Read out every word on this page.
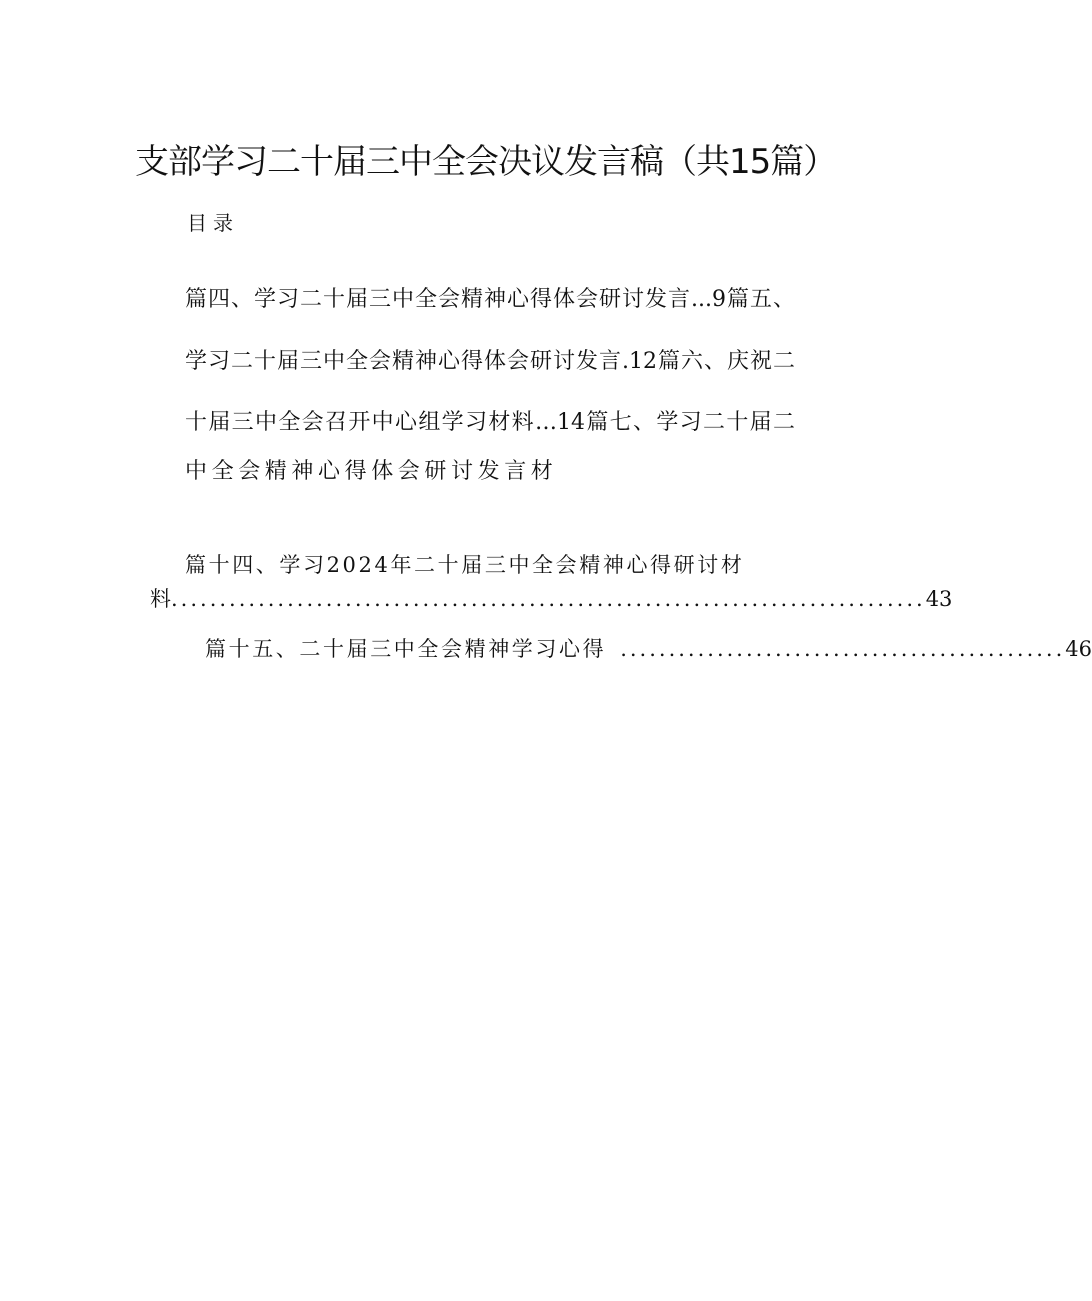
支部学习二十届三中全会决议发言稿（共15篇）
目录
篇四、学习二十届三中全会精神心得体会研讨发言...9篇五、
学习二十届三中全会精神心得体会研讨发言.12篇六、庆祝二
十届三中全会召开中心组学习材料…14篇七、学习二十届二
中全会精神心得体会研讨发言材
篇十四、学习2024年二十届三中全会精神心得研讨材
料 .............................................................................. 43
篇十五、二十届三中全会精神学习心得 .............................................. 46
